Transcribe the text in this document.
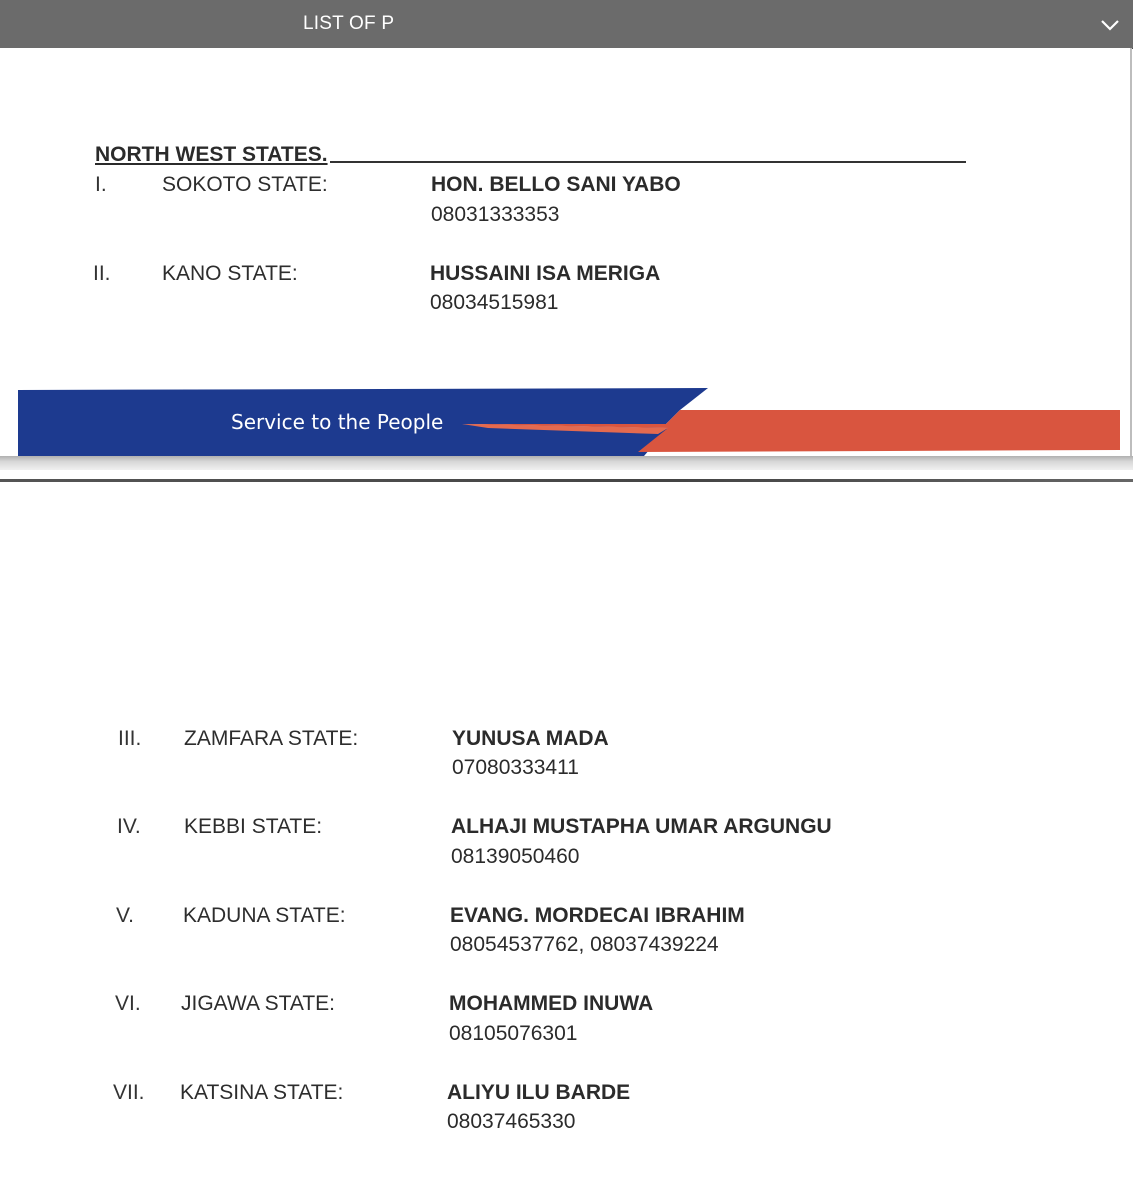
LIST OF P
NORTH WEST STATES.
I.	SOKOTO STATE:	HON. BELLO SANI YABO
08031333353
II. KANO STATE:	HUSSAINI ISA MERIGA
08034515981
Service to the People
III. ZAMFARA STATE:	YUNUSA MADA
07080333411
IV. KEBBI STATE:	ALHAJI MUSTAPHA UMAR ARGUNGU
08139050460
V. KADUNA STATE:	EVANG. MORDECAI IBRAHIM
08054537762, 08037439224
VI. JIGAWA STATE:	MOHAMMED INUWA
08105076301
VII. KATSINA STATE:	ALIYU ILU BARDE
08037465330
